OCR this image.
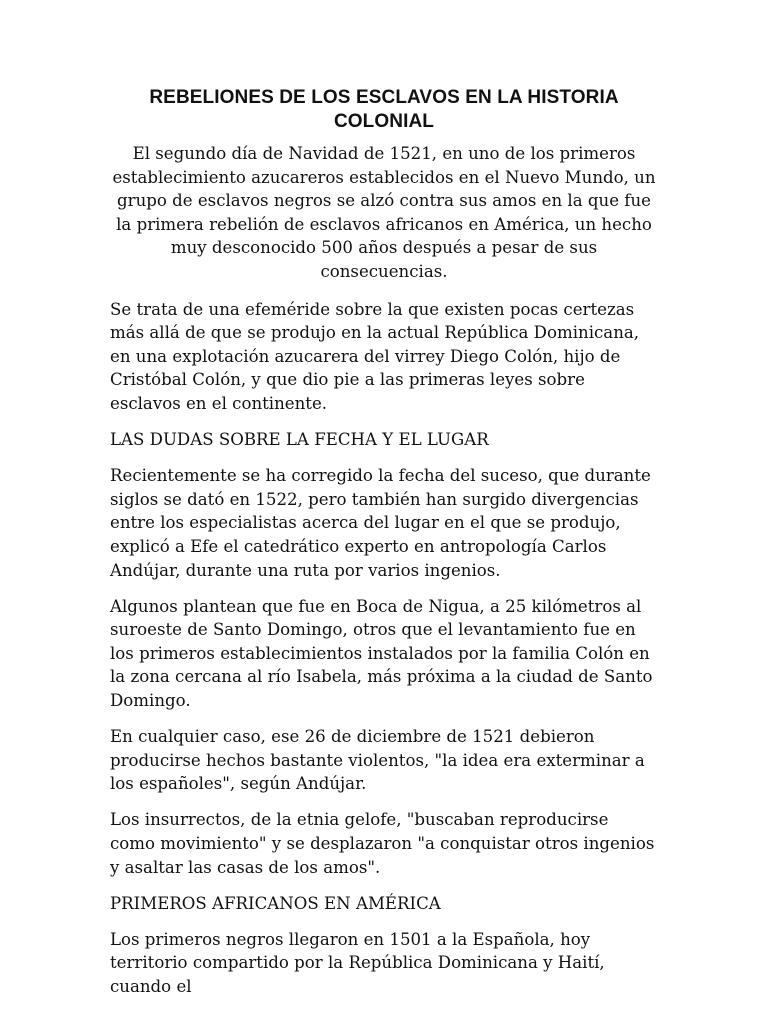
REBELIONES DE LOS ESCLAVOS EN LA HISTORIA COLONIAL

El segundo día de Navidad de 1521, en uno de los primeros establecimiento azucareros establecidos en el Nuevo Mundo, un grupo de esclavos negros se alzó contra sus amos en la que fue la primera rebelión de esclavos africanos en América, un hecho muy desconocido 500 años después a pesar de sus consecuencias.

Se trata de una efeméride sobre la que existen pocas certezas más allá de que se produjo en la actual República Dominicana, en una explotación azucarera del virrey Diego Colón, hijo de Cristóbal Colón, y que dio pie a las primeras leyes sobre esclavos en el continente.

LAS DUDAS SOBRE LA FECHA Y EL LUGAR

Recientemente se ha corregido la fecha del suceso, que durante siglos se dató en 1522, pero también han surgido divergencias entre los especialistas acerca del lugar en el que se produjo, explicó a Efe el catedrático experto en antropología Carlos Andújar, durante una ruta por varios ingenios.

Algunos plantean que fue en Boca de Nigua, a 25 kilómetros al suroeste de Santo Domingo, otros que el levantamiento fue en los primeros establecimientos instalados por la familia Colón en la zona cercana al río Isabela, más próxima a la ciudad de Santo Domingo.

En cualquier caso, ese 26 de diciembre de 1521 debieron producirse hechos bastante violentos, "la idea era exterminar a los españoles", según Andújar.

Los insurrectos, de la etnia gelofe, "buscaban reproducirse como movimiento" y se desplazaron "a conquistar otros ingenios y asaltar las casas de los amos".

PRIMEROS AFRICANOS EN AMÉRICA

Los primeros negros llegaron en 1501 a la Española, hoy territorio compartido por la República Dominicana y Haití, cuando el
